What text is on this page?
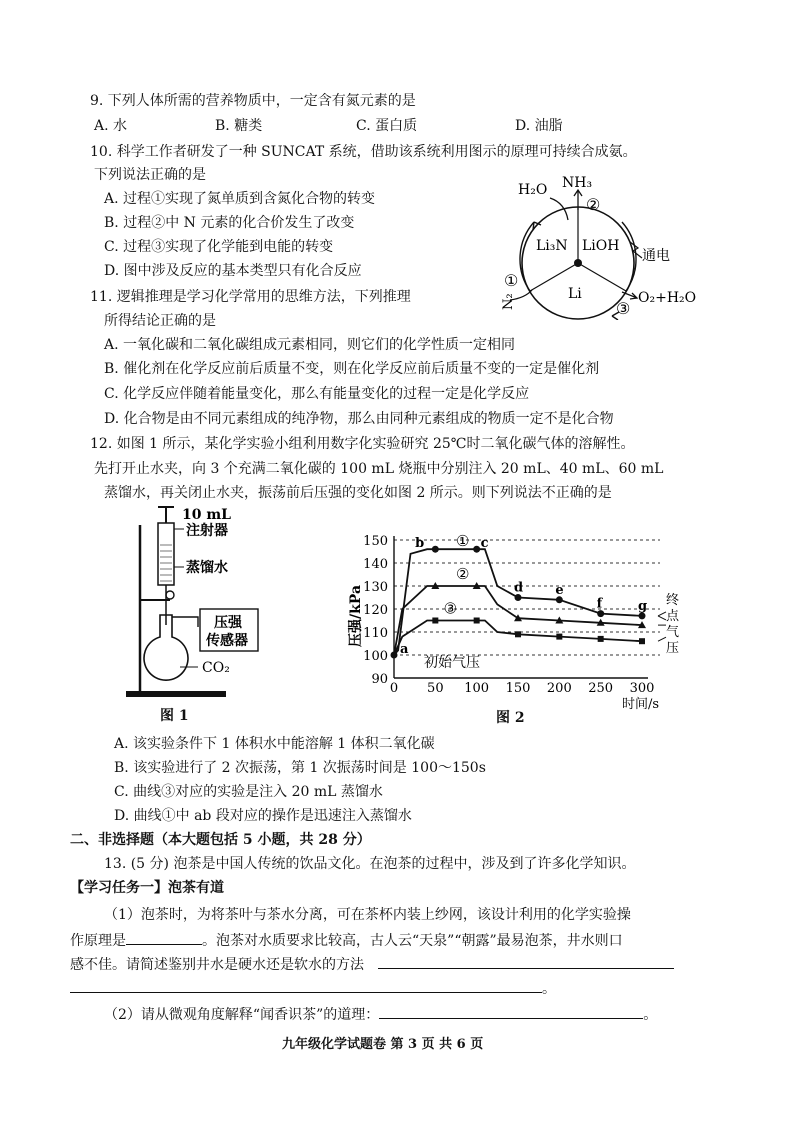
9. 下列人体所需的营养物质中，一定含有氮元素的是
A. 水	B. 糖类	C. 蛋白质	D. 油脂
10. 科学工作者研发了一种 SUNCAT 系统，借助该系统利用图示的原理可持续合成氨。
下列说法正确的是
A. 过程①实现了氮单质到含氮化合物的转变
B. 过程②中 N 元素的化合价发生了改变
C. 过程③实现了化学能到电能的转变
D. 图中涉及反应的基本类型只有化合反应
H₂O NH₃
②
Li₃N LiOH
通电
①
Li
N₂	③
O₂+H₂O
11. 逻辑推理是学习化学常用的思维方法，下列推理
所得结论正确的是
A. 一氧化碳和二氧化碳组成元素相同，则它们的化学性质一定相同
B. 催化剂在化学反应前后质量不变，则在化学反应前后质量不变的一定是催化剂
C. 化学反应伴随着能量变化，那么有能量变化的过程一定是化学反应
D. 化合物是由不同元素组成的纯净物，那么由同种元素组成的物质一定不是化合物
12. 如图 1 所示，某化学实验小组利用数字化实验研究 25℃时二氧化碳气体的溶解性。
先打开止水夹，向 3 个充满二氧化碳的 100 mL 烧瓶中分别注入 20 mL、40 mL、60 mL
蒸馏水，再关闭止水夹，振荡前后压强的变化如图 2 所示。则下列说法不正确的是
10 mL
注射器
蒸馏水
压强
传感器
CO₂
图 1
压强/kPa
时间/s
90
100
110
120
130
140
150
0 50 100 150 200 250 300
①
②
③
a
b	c
d e
f	g
初始气压
终
点
气
压
图 2
A. 该实验条件下 1 体积水中能溶解 1 体积二氧化碳
B. 该实验进行了 2 次振荡，第 1 次振荡时间是 100～150s
C. 曲线③对应的实验是注入 20 mL 蒸馏水
D. 曲线①中 ab 段对应的操作是迅速注入蒸馏水
二、非选择题（本大题包括 5 小题，共 28 分）
13. (5 分) 泡茶是中国人传统的饮品文化。在泡茶的过程中，涉及到了许多化学知识。
【学习任务一】泡茶有道
（1）泡茶时，为将茶叶与茶水分离，可在茶杯内装上纱网，该设计利用的化学实验操
作原理是	。泡茶对水质要求比较高，古人云“天泉”“朝露”最易泡茶，井水则口
感不佳。请简述鉴别井水是硬水还是软水的方法
。
（2）请从微观角度解释“闻香识茶”的道理：	。
九年级化学试题卷 第 3 页 共 6 页
